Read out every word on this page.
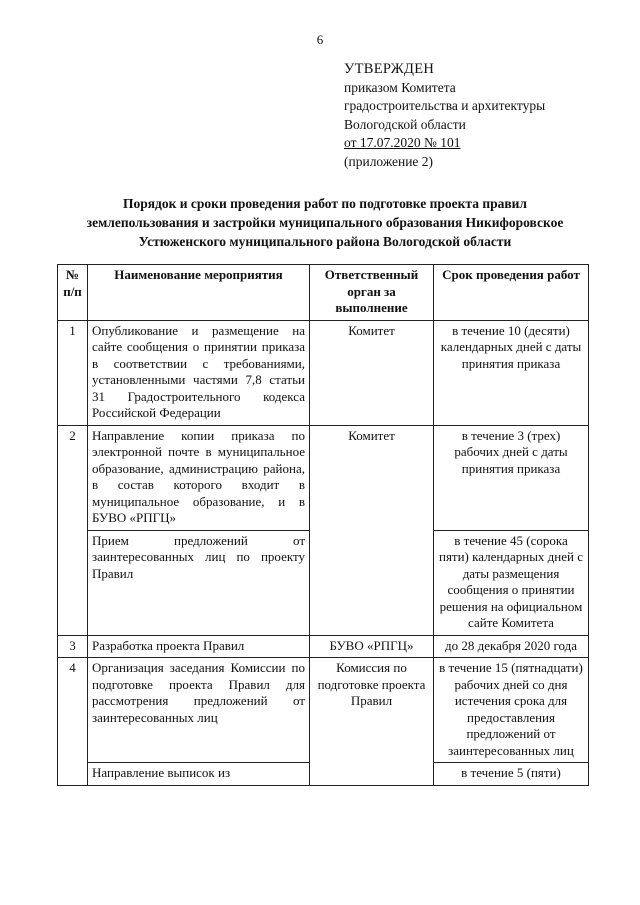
6
УТВЕРЖДЕН
приказом Комитета
градостроительства и архитектуры
Вологодской области
от 17.07.2020 № 101
(приложение 2)
Порядок и сроки проведения работ по подготовке проекта правил
землепользования и застройки муниципального образования Никифоровское
Устюженского муниципального района Вологодской области
№ п/п	Наименование мероприятия	Ответственный орган за выполнение	Срок проведения работ
1	Опубликование и размещение на сайте сообщения о принятии приказа в соответствии с требованиями, установленными частями 7,8 статьи 31 Градостроительного кодекса Российской Федерации	Комитет	в течение 10 (десяти) календарных дней с даты принятия приказа
2	Направление копии приказа по электронной почте в муниципальное образование, администрацию района, в состав которого входит в муниципальное образование, и в БУВО «РПГЦ»	Комитет	в течение 3 (трех) рабочих дней с даты принятия приказа
	Прием предложений от заинтересованных лиц по проекту Правил		в течение 45 (сорока пяти) календарных дней с даты размещения сообщения о принятии решения на официальном сайте Комитета
3	Разработка проекта Правил	БУВО «РПГЦ»	до 28 декабря 2020 года
4	Организация заседания Комиссии по подготовке проекта Правил для рассмотрения предложений от заинтересованных лиц	Комиссия по подготовке проекта Правил	в течение 15 (пятнадцати) рабочих дней со дня истечения срока для предоставления предложений от заинтересованных лиц
	Направление выписок из		в течение 5 (пяти)
